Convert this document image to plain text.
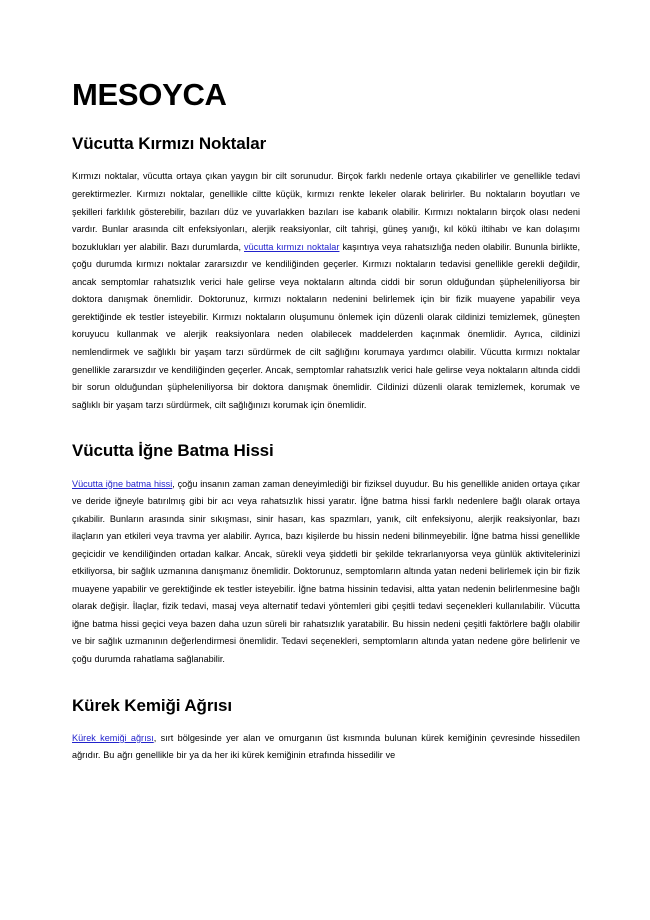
MESOYCA
Vücutta Kırmızı Noktalar

Kırmızı noktalar, vücutta ortaya çıkan yaygın bir cilt sorunudur. Birçok farklı nedenle ortaya çıkabilirler ve genellikle tedavi gerektirmezler. Kırmızı noktalar, genellikle ciltte küçük, kırmızı renkte lekeler olarak belirirler. Bu noktaların boyutları ve şekilleri farklılık gösterebilir, bazıları düz ve yuvarlakken bazıları ise kabarık olabilir. Kırmızı noktaların birçok olası nedeni vardır. Bunlar arasında cilt enfeksiyonları, alerjik reaksiyonlar, cilt tahrişi, güneş yanığı, kıl kökü iltihabı ve kan dolaşımı bozuklukları yer alabilir. Bazı durumlarda, vücutta kırmızı noktalar kaşıntıya veya rahatsızlığa neden olabilir. Bununla birlikte, çoğu durumda kırmızı noktalar zararsızdır ve kendiliğinden geçerler. Kırmızı noktaların tedavisi genellikle gerekli değildir, ancak semptomlar rahatsızlık verici hale gelirse veya noktaların altında ciddi bir sorun olduğundan şüpheleniliyorsa bir doktora danışmak önemlidir. Doktorunuz, kırmızı noktaların nedenini belirlemek için bir fizik muayene yapabilir veya gerektiğinde ek testler isteyebilir. Kırmızı noktaların oluşumunu önlemek için düzenli olarak cildinizi temizlemek, güneşten koruyucu kullanmak ve alerjik reaksiyonlara neden olabilecek maddelerden kaçınmak önemlidir. Ayrıca, cildinizi nemlendirmek ve sağlıklı bir yaşam tarzı sürdürmek de cilt sağlığını korumaya yardımcı olabilir. Vücutta kırmızı noktalar genellikle zararsızdır ve kendiliğinden geçerler. Ancak, semptomlar rahatsızlık verici hale gelirse veya noktaların altında ciddi bir sorun olduğundan şüpheleniliyorsa bir doktora danışmak önemlidir. Cildinizi düzenli olarak temizlemek, korumak ve sağlıklı bir yaşam tarzı sürdürmek, cilt sağlığınızı korumak için önemlidir.

Vücutta İğne Batma Hissi

Vücutta iğne batma hissi, çoğu insanın zaman zaman deneyimlediği bir fiziksel duyudur. Bu his genellikle aniden ortaya çıkar ve deride iğneyle batırılmış gibi bir acı veya rahatsızlık hissi yaratır. İğne batma hissi farklı nedenlere bağlı olarak ortaya çıkabilir. Bunların arasında sinir sıkışması, sinir hasarı, kas spazmları, yanık, cilt enfeksiyonu, alerjik reaksiyonlar, bazı ilaçların yan etkileri veya travma yer alabilir. Ayrıca, bazı kişilerde bu hissin nedeni bilinmeyebilir. İğne batma hissi genellikle geçicidir ve kendiliğinden ortadan kalkar. Ancak, sürekli veya şiddetli bir şekilde tekrarlanıyorsa veya günlük aktivitelerinizi etkiliyorsa, bir sağlık uzmanına danışmanız önemlidir. Doktorunuz, semptomların altında yatan nedeni belirlemek için bir fizik muayene yapabilir ve gerektiğinde ek testler isteyebilir. İğne batma hissinin tedavisi, altta yatan nedenin belirlenmesine bağlı olarak değişir. İlaçlar, fizik tedavi, masaj veya alternatif tedavi yöntemleri gibi çeşitli tedavi seçenekleri kullanılabilir. Vücutta iğne batma hissi geçici veya bazen daha uzun süreli bir rahatsızlık yaratabilir. Bu hissin nedeni çeşitli faktörlere bağlı olabilir ve bir sağlık uzmanının değerlendirmesi önemlidir. Tedavi seçenekleri, semptomların altında yatan nedene göre belirlenir ve çoğu durumda rahatlama sağlanabilir.

Kürek Kemiği Ağrısı

Kürek kemiği ağrısı, sırt bölgesinde yer alan ve omurganın üst kısmında bulunan kürek kemiğinin çevresinde hissedilen ağrıdır. Bu ağrı genellikle bir ya da her iki kürek kemiğinin etrafında hissedilir ve
